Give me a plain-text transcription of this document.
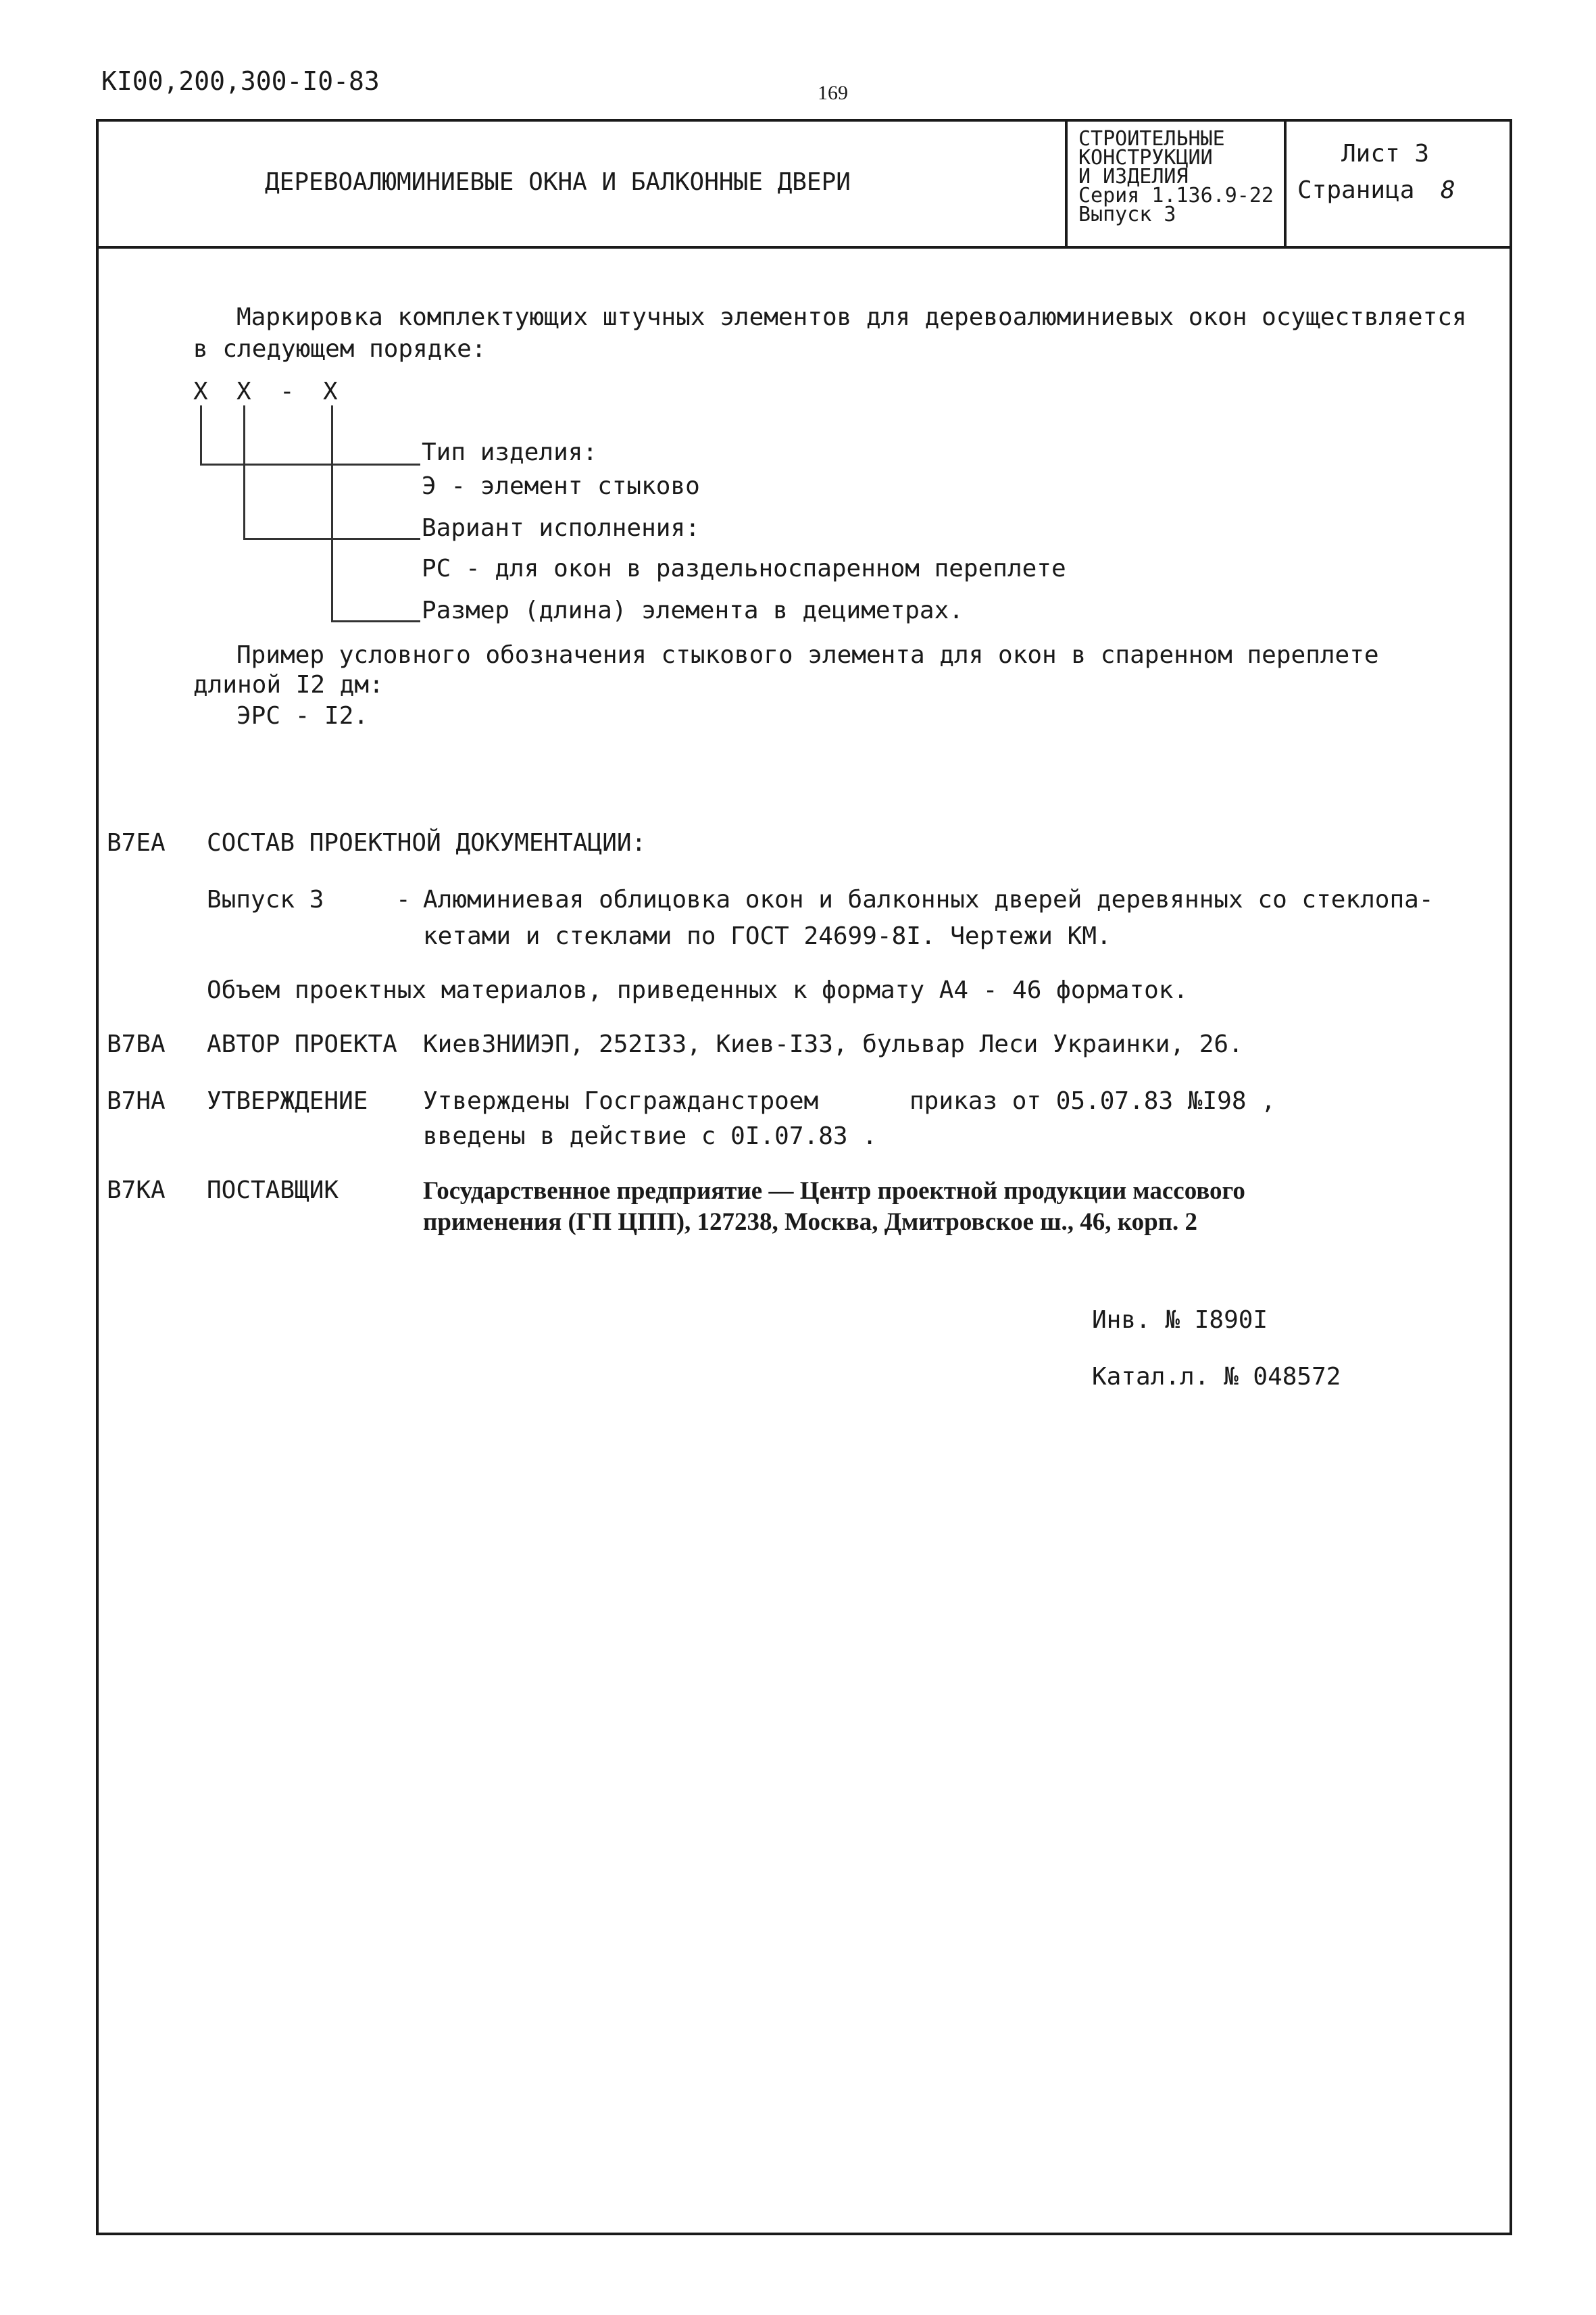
КI00,200,300-I0-83	169
ДЕРЕВОАЛЮМИНИЕВЫЕ ОКНА И БАЛКОННЫЕ ДВЕРИ
СТРОИТЕЛЬНЫЕ
КОНСТРУКЦИИ
И ИЗДЕЛИЯ
Серия 1.136.9-22
Выпуск 3
Лист 3
Страница 8
Маркировка комплектующих штучных элементов для деревоалюминиевых окон осуществляется
в следующем порядке:
Х Х - Х
Тип изделия:
Э - элемент стыково
Вариант исполнения:
РС - для окон в раздельноспаренном переплете
Размер (длина) элемента в дециметрах.
Пример условного обозначения стыкового элемента для окон в спаренном переплете
длиной I2 дм:
ЭРС - I2.
В7ЕА СОСТАВ ПРОЕКТНОЙ ДОКУМЕНТАЦИИ:
Выпуск 3	- Алюминиевая облицовка окон и балконных дверей деревянных со стеклопа-
кетами и стеклами по ГОСТ 24699-8I. Чертежи КМ.
Объем проектных материалов, приведенных к формату А4 - 46 форматок.
В7ВА АВТОР ПРОЕКТА КиевЗНИИЭП, 252I33, Киев-I33, бульвар Леси Украинки, 26.
В7НА УТВЕРЖДЕНИЕ Утверждены Госгражданстроем	приказ от 05.07.83 №I98 ,
введены в действие с 0I.07.83 .
В7КА ПОСТАВЩИК	Государственное предприятие — Центр проектной продукции массового
применения (ГП ЦПП), 127238, Москва, Дмитровское ш., 46, корп. 2
Инв. № I890I
Катал.л. № 048572
